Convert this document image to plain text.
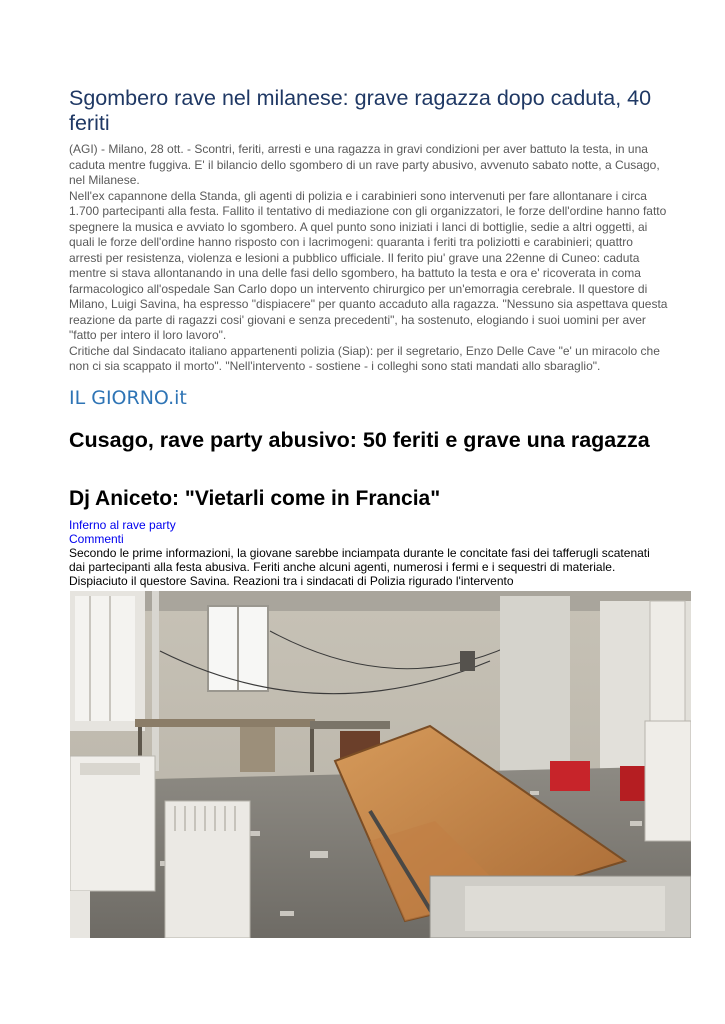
Sgombero rave nel milanese: grave ragazza dopo caduta, 40 feriti

(AGI) - Milano, 28 ott. - Scontri, feriti, arresti e una ragazza in gravi condizioni per aver battuto la testa, in una caduta mentre fuggiva. E' il bilancio dello sgombero di un rave party abusivo, avvenuto sabato notte, a Cusago, nel Milanese.

Nell'ex capannone della Standa, gli agenti di polizia e i carabinieri sono intervenuti per fare allontanare i circa 1.700 partecipanti alla festa. Fallito il tentativo di mediazione con gli organizzatori, le forze dell'ordine hanno fatto spegnere la musica e avviato lo sgombero. A quel punto sono iniziati i lanci di bottiglie, sedie a altri oggetti, ai quali le forze dell'ordine hanno risposto con i lacrimogeni: quaranta i feriti tra poliziotti e carabinieri; quattro arresti per resistenza, violenza e lesioni a pubblico ufficiale. Il ferito piu' grave una 22enne di Cuneo: caduta mentre si stava allontanando in una delle fasi dello sgombero, ha battuto la testa e ora e' ricoverata in coma farmacologico all'ospedale San Carlo dopo un intervento chirurgico per un'emorragia cerebrale. Il questore di Milano, Luigi Savina, ha espresso "dispiacere" per quanto accaduto alla ragazza. "Nessuno sia aspettava questa reazione da parte di ragazzi cosi' giovani e senza precedenti", ha sostenuto, elogiando i suoi uomini per aver "fatto per intero il loro lavoro".

Critiche dal Sindacato italiano appartenenti polizia (Siap): per il segretario, Enzo Delle Cave "e' un miracolo che non ci sia scappato il morto". "Nell'intervento - sostiene - i colleghi sono stati mandati allo sbaraglio".

IL GIORNO.it
Cusago, rave party abusivo: 50 feriti e grave una ragazza
Dj Aniceto: "Vietarli come in Francia"
Inferno al rave party
Commenti

Secondo le prime informazioni, la giovane sarebbe inciampata durante le concitate fasi dei tafferugli scatenati dai partecipanti alla festa abusiva. Feriti anche alcuni agenti, numerosi i fermi e i sequestri di materiale. Dispiaciuto il questore Savina. Reazioni tra i sindacati di Polizia rigurado l'intervento
